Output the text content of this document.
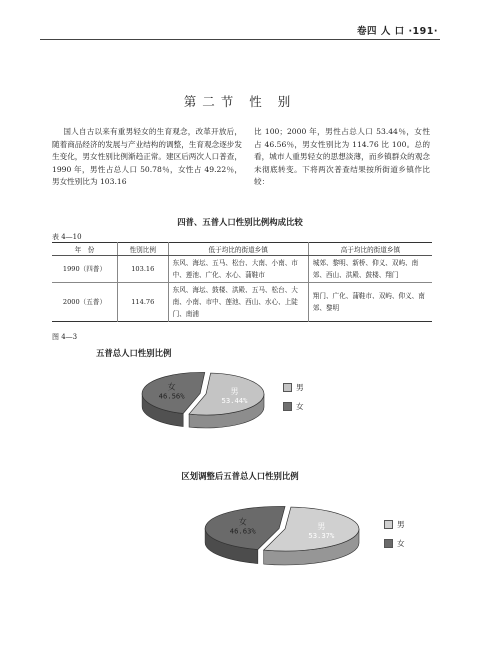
卷四 人 口 ·191·
第二节 性 别
国人自古以来有重男轻女的生育观念，改革开放后，随着商品经济的发展与产业结构的调整，生育观念逐步发生变化，男女性别比例渐趋正常。建区后两次人口普查，1990 年，男性占总人口 50.78％，女性占 49.22％，男女性别比为 103.16
比 100；2000 年，男性占总人口 53.44％，女性占 46.56％，男女性别比为 114.76 比 100。总的看，城市人重男轻女的思想淡薄，而乡镇群众的观念未彻底转变。下将两次普查结果按所街道乡镇作比较：
四普、五普人口性别比例构成比较
表 4—10
年　份	性别比例	低于均比的街道乡镇	高于均比的街道乡镇
1990（四普）	103.16	东风、海坛、五马、松台、大南、小南、市中、莲池、广化、水心、蒲鞋市	城郊、黎明、新桥、仰义、双屿、南郊、西山、洪殿、鼓楼、翔门
2000（五普）	114.76	东风、海坛、鼓楼、洪殿、五马、松台、大南、小南、市中、莲池、西山、水心、上陡门、南浦	翔门、广化、蒲鞋市、双屿、仰义、南郊、黎明
图 4—3
五普总人口性别比例
男
53.44%
女
46.56%
男
女
区划调整后五普总人口性别比例
男
53.37%
女
46.63%
男
女
